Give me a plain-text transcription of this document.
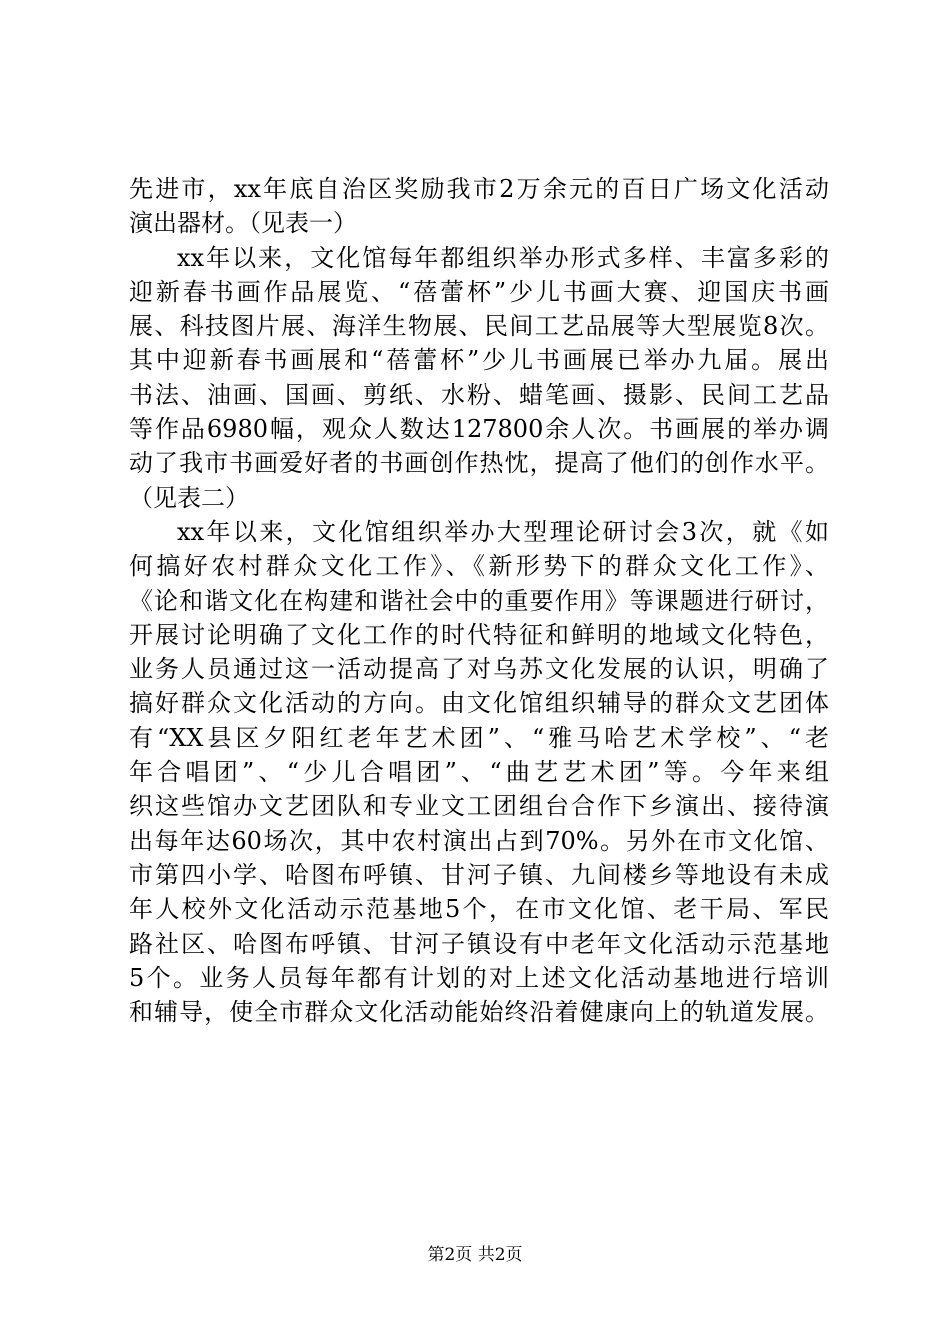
先进市，xx年底自治区奖励我市2万余元的百日广场文化活动
演出器材。（见表一）
xx年以来，文化馆每年都组织举办形式多样、丰富多彩的
迎新春书画作品展览、“蓓蕾杯”少儿书画大赛、迎国庆书画
展、科技图片展、海洋生物展、民间工艺品展等大型展览8次。
其中迎新春书画展和“蓓蕾杯”少儿书画展已举办九届。展出
书法、油画、国画、剪纸、水粉、蜡笔画、摄影、民间工艺品
等作品6980幅，观众人数达127800余人次。书画展的举办调
动了我市书画爱好者的书画创作热忱，提高了他们的创作水平。
（见表二）
xx年以来，文化馆组织举办大型理论研讨会3次，就《如
何搞好农村群众文化工作》、《新形势下的群众文化工作》、
《论和谐文化在构建和谐社会中的重要作用》等课题进行研讨，
开展讨论明确了文化工作的时代特征和鲜明的地域文化特色，
业务人员通过这一活动提高了对乌苏文化发展的认识，明确了
搞好群众文化活动的方向。由文化馆组织辅导的群众文艺团体
有“XX县区夕阳红老年艺术团”、“雅马哈艺术学校”、“老
年合唱团”、“少儿合唱团”、“曲艺艺术团”等。今年来组
织这些馆办文艺团队和专业文工团组台合作下乡演出、接待演
出每年达60场次，其中农村演出占到70%。另外在市文化馆、
市第四小学、哈图布呼镇、甘河子镇、九间楼乡等地设有未成
年人校外文化活动示范基地5个，在市文化馆、老干局、军民
路社区、哈图布呼镇、甘河子镇设有中老年文化活动示范基地
5个。业务人员每年都有计划的对上述文化活动基地进行培训
和辅导，使全市群众文化活动能始终沿着健康向上的轨道发展。
第2页 共2页
